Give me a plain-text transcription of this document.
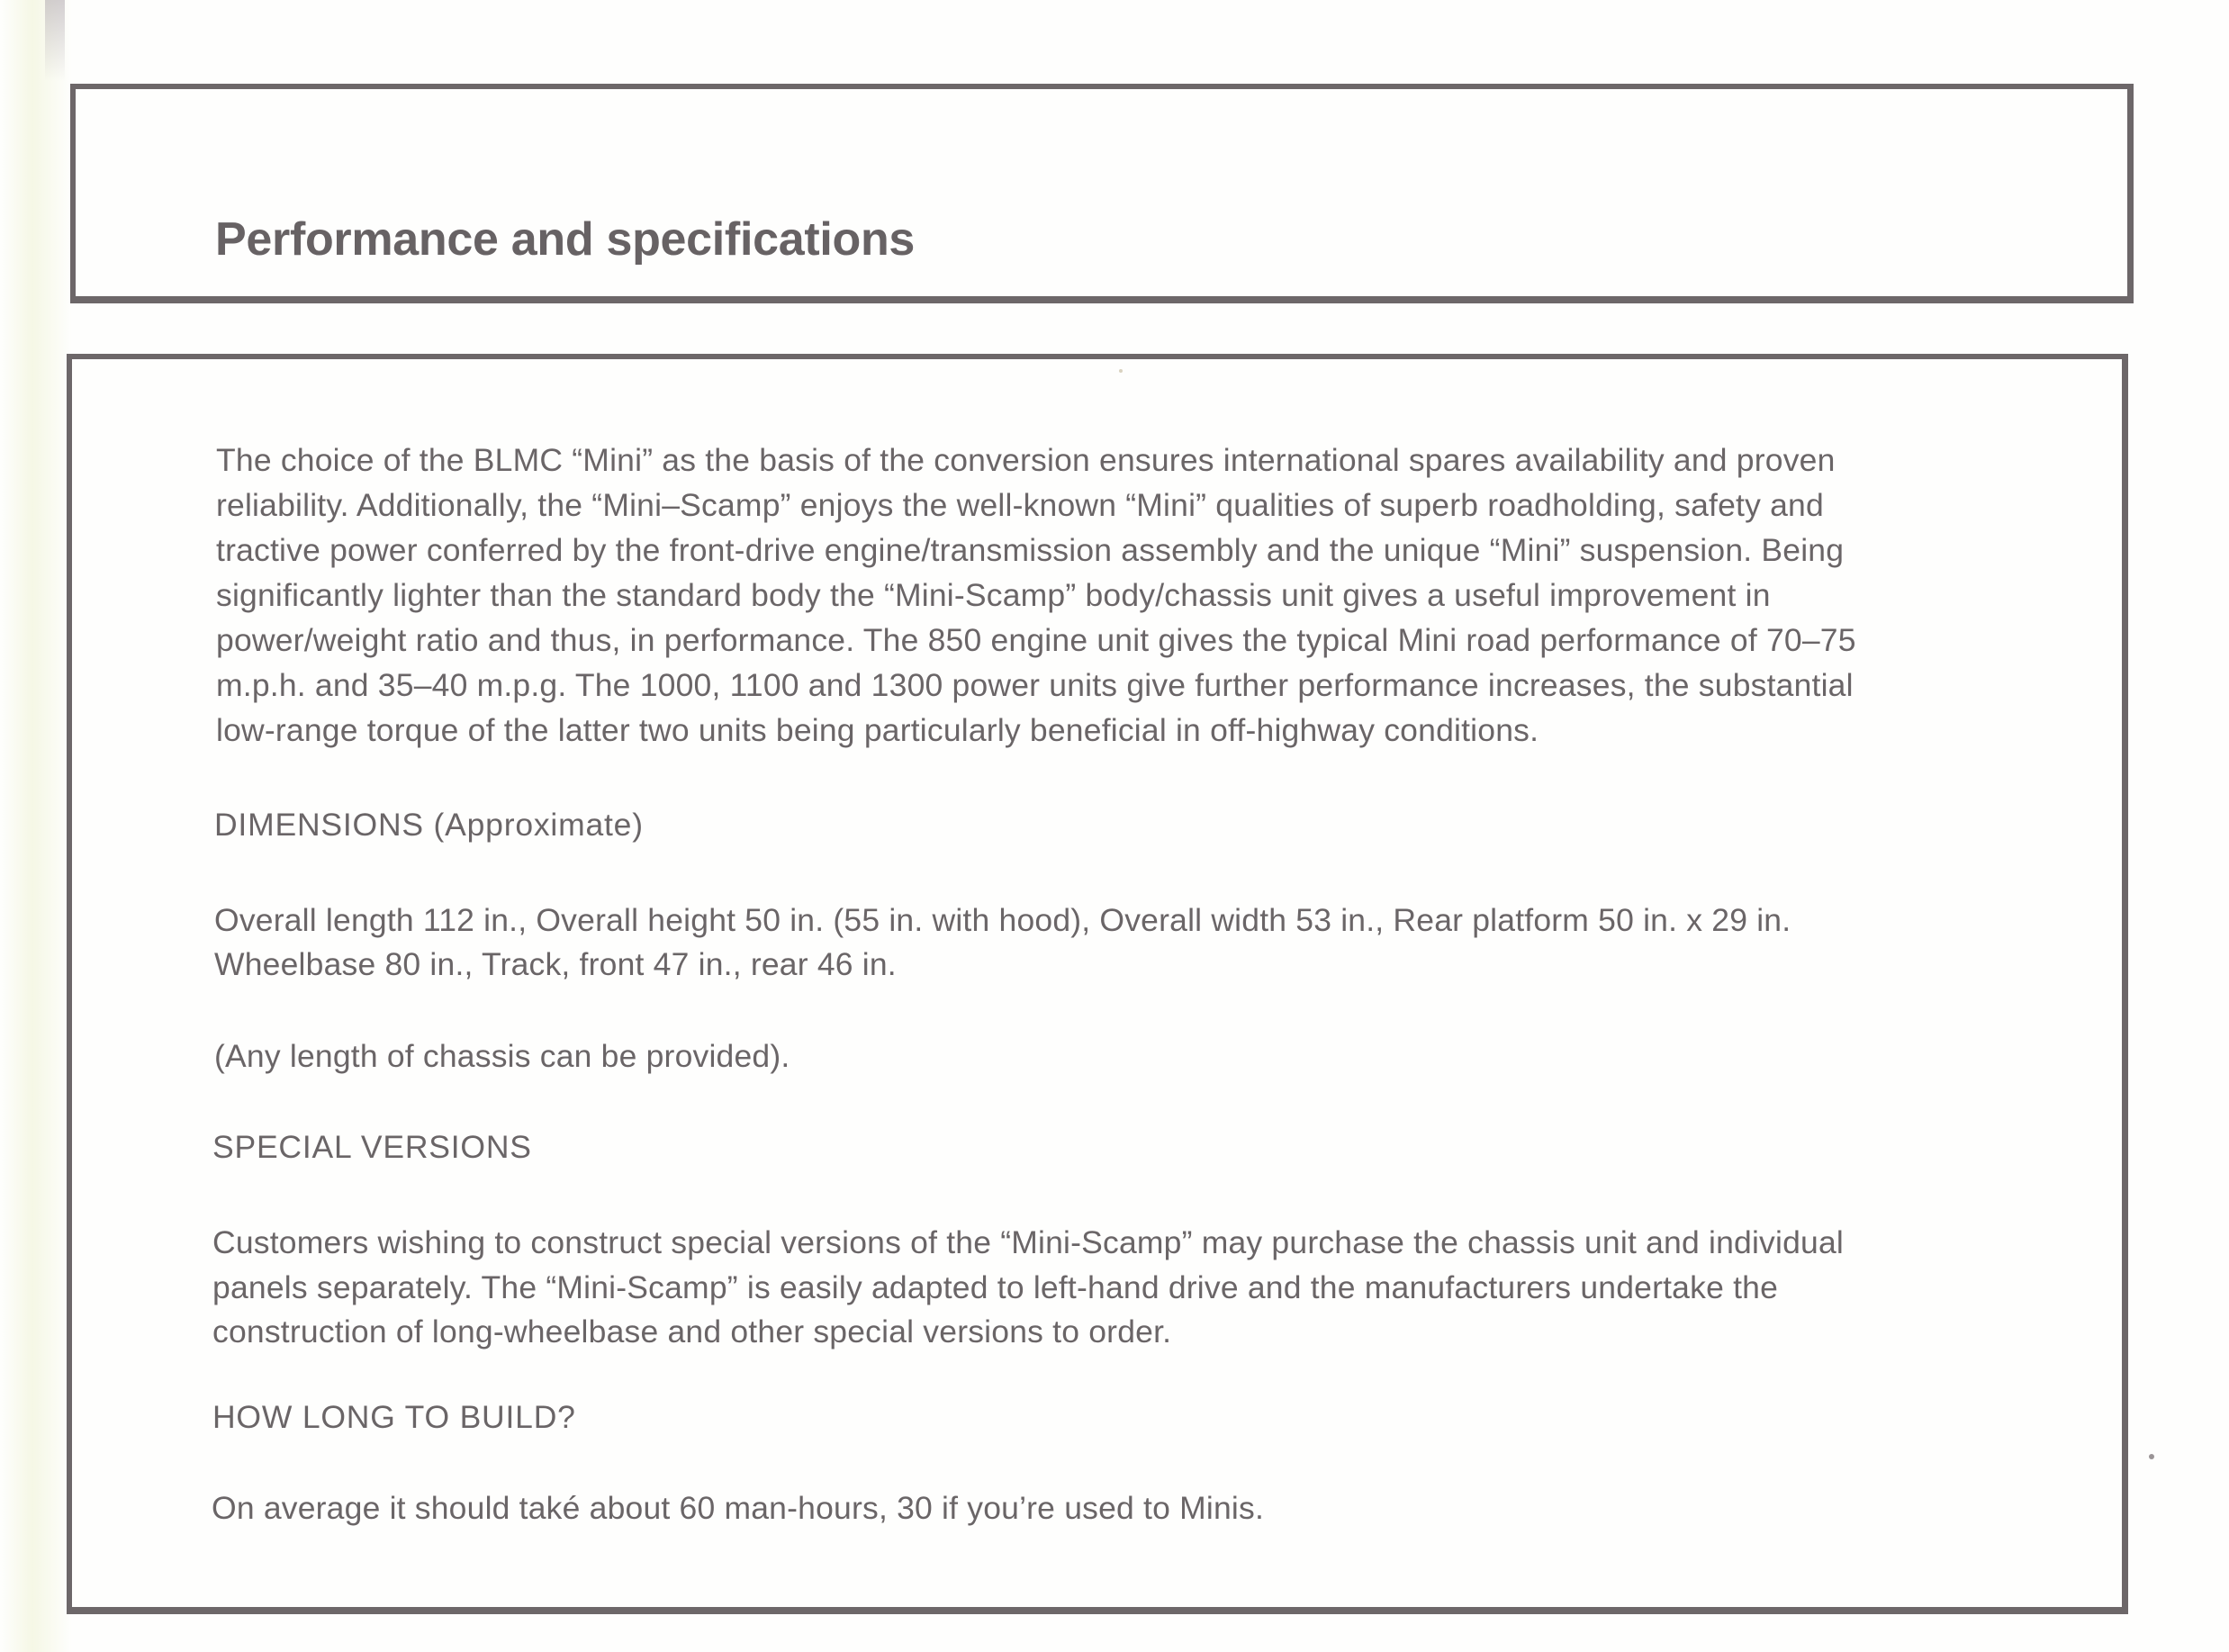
Performance and specifications
The choice of the BLMC “Mini” as the basis of the conversion ensures international spares availability and proven
reliability. Additionally, the “Mini–Scamp” enjoys the well-known “Mini” qualities of superb roadholding, safety and
tractive power conferred by the front-drive engine/transmission assembly and the unique “Mini” suspension. Being
significantly lighter than the standard body the “Mini-Scamp” body/chassis unit gives a useful improvement in
power/weight ratio and thus, in performance. The 850 engine unit gives the typical Mini road performance of 70–75
m.p.h. and 35–40 m.p.g. The 1000, 1100 and 1300 power units give further performance increases, the substantial
low-range torque of the latter two units being particularly beneficial in off-highway conditions.
DIMENSIONS (Approximate)
Overall length 112 in., Overall height 50 in. (55 in. with hood), Overall width 53 in., Rear platform 50 in. x 29 in.
Wheelbase 80 in., Track, front 47 in., rear 46 in.
(Any length of chassis can be provided).
SPECIAL VERSIONS
Customers wishing to construct special versions of the “Mini-Scamp” may purchase the chassis unit and individual
panels separately. The “Mini-Scamp” is easily adapted to left-hand drive and the manufacturers undertake the
construction of long-wheelbase and other special versions to order.
HOW LONG TO BUILD?
On average it should také about 60 man-hours, 30 if you’re used to Minis.
